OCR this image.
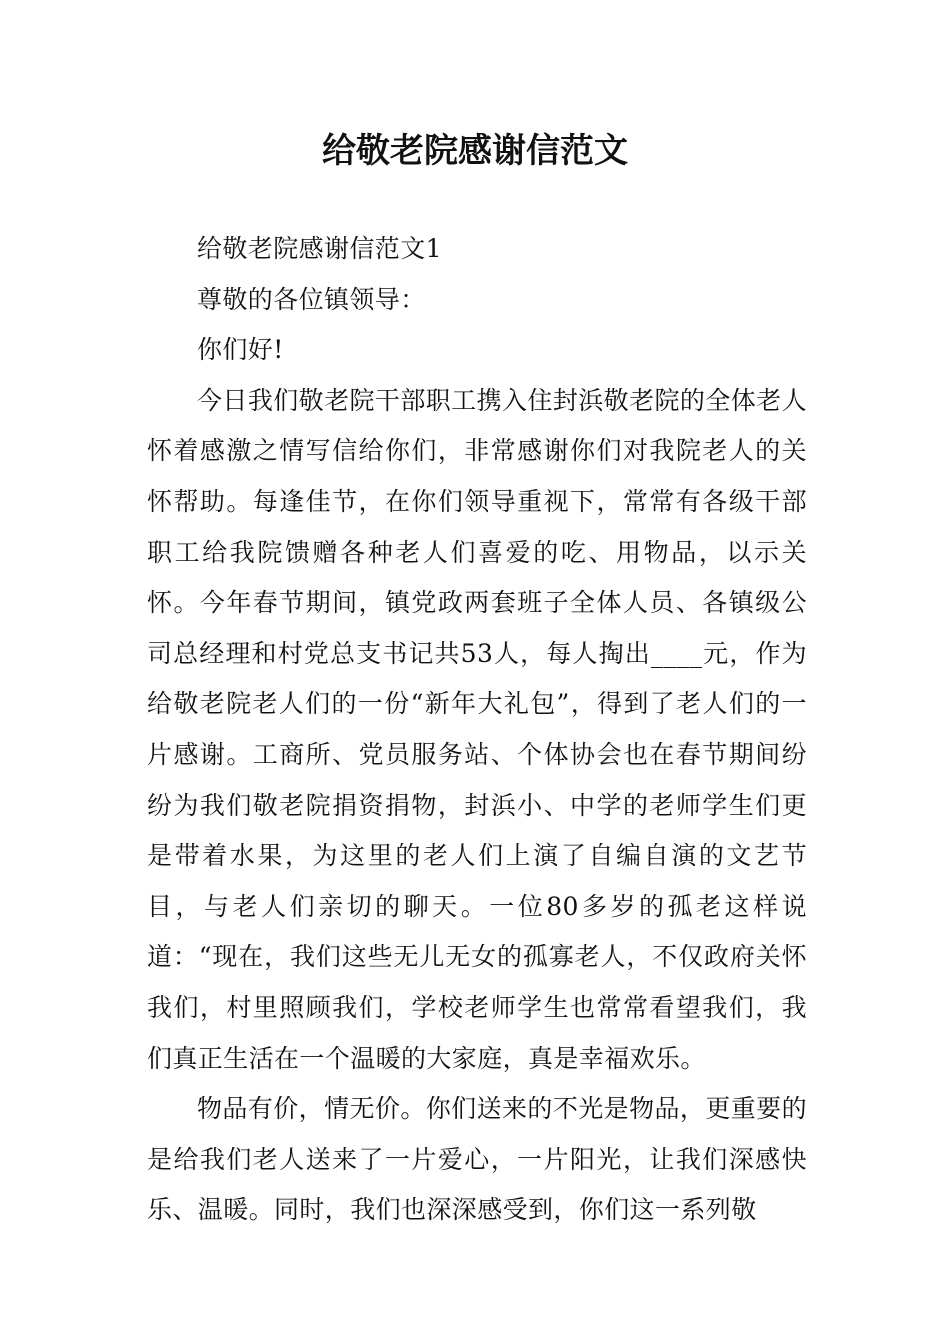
给敬老院感谢信范文

给敬老院感谢信范文1

尊敬的各位镇领导：

你们好!

今日我们敬老院干部职工携入住封浜敬老院的全体老人怀着感激之情写信给你们，非常感谢你们对我院老人的关怀帮助。每逢佳节，在你们领导重视下，常常有各级干部职工给我院馈赠各种老人们喜爱的吃、用物品，以示关怀。今年春节期间，镇党政两套班子全体人员、各镇级公司总经理和村党总支书记共53人，每人掏出____元，作为给敬老院老人们的一份“新年大礼包”，得到了老人们的一片感谢。工商所、党员服务站、个体协会也在春节期间纷纷为我们敬老院捐资捐物，封浜小、中学的老师学生们更是带着水果，为这里的老人们上演了自编自演的文艺节目，与老人们亲切的聊天。一位80多岁的孤老这样说道：“现在，我们这些无儿无女的孤寡老人，不仅政府关怀我们，村里照顾我们，学校老师学生也常常看望我们，我们真正生活在一个温暖的大家庭，真是幸福欢乐。

物品有价，情无价。你们送来的不光是物品，更重要的是给我们老人送来了一片爱心，一片阳光，让我们深感快乐、温暖。同时，我们也深深感受到，你们这一系列敬
